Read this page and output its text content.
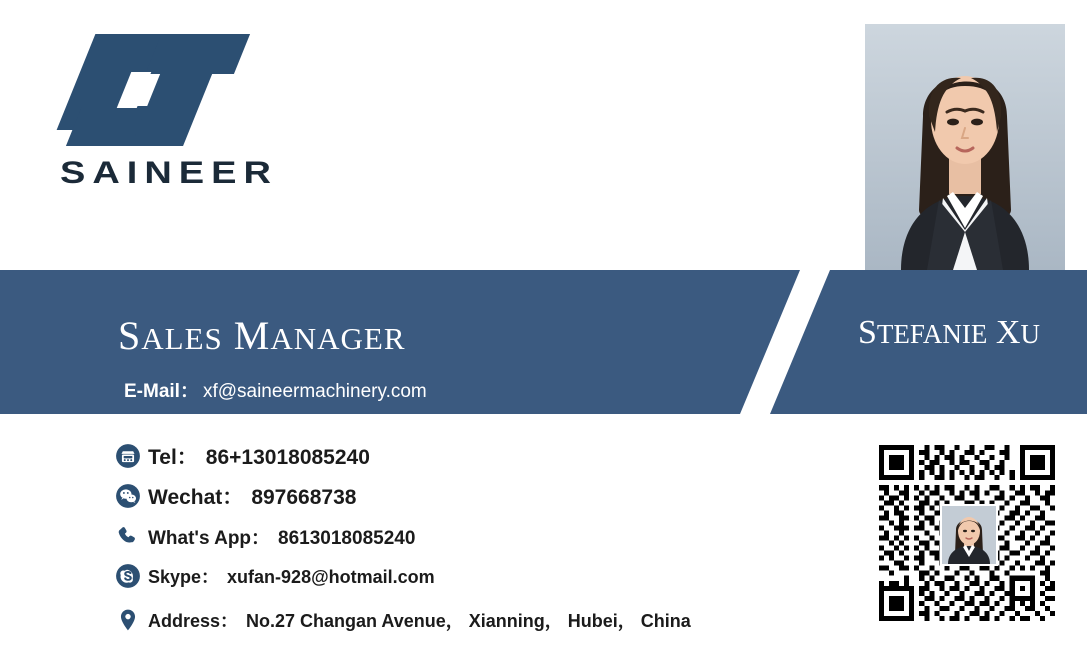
SAINEER
SALES MANAGER
E-Mail： xf@saineermachinery.com
STEFANIE XU
Tel： 86+13018085240
Wechat： 897668738
What's App： 8613018085240
Skype： xufan-928@hotmail.com
Address： No.27 Changan Avenue， Xianning， Hubei， China
